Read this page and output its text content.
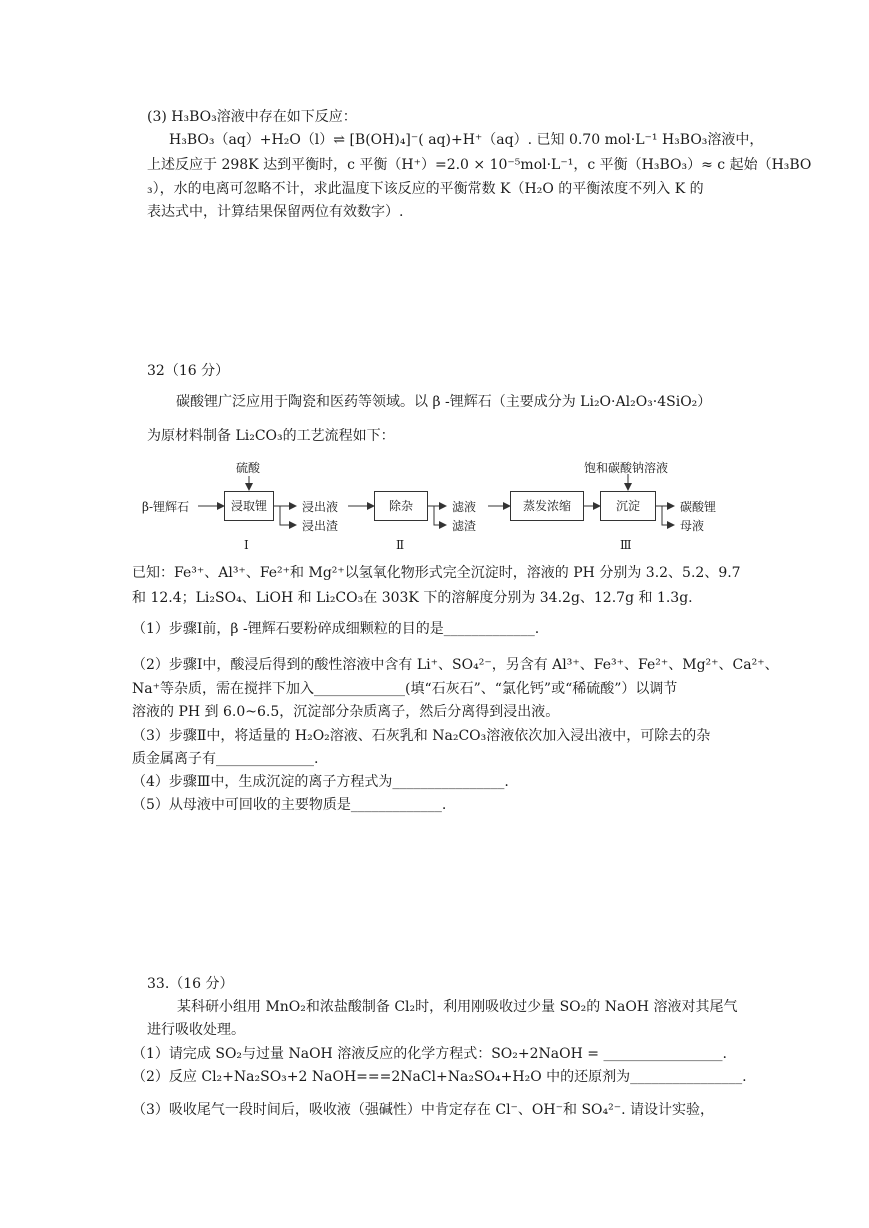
(3) H₃BO₃溶液中存在如下反应：
H₃BO₃（aq）+H₂O（l）⇌ [B(OH)₄]⁻( aq)+H⁺（aq）. 已知 0.70 mol·L⁻¹ H₃BO₃溶液中，
上述反应于 298K 达到平衡时，c 平衡（H⁺）=2.0 × 10⁻⁵mol·L⁻¹，c 平衡（H₃BO₃）≈ c 起始（H₃BO
₃），水的电离可忽略不计，求此温度下该反应的平衡常数 K（H₂O 的平衡浓度不列入 K 的
表达式中，计算结果保留两位有效数字）.
32（16 分）
碳酸锂广泛应用于陶瓷和医药等领域。以 β -锂辉石（主要成分为 Li₂O·Al₂O₃·4SiO₂）
为原材料制备 Li₂CO₃的工艺流程如下：
β-锂辉石
硫酸
浸取锂	浸出液
浸出渣
除杂	滤液
滤渣
蒸发浓缩
饱和碳酸钠溶液
沉淀	碳酸锂
母液
Ⅰ	Ⅱ	Ⅲ
已知：Fe³⁺、Al³⁺、Fe²⁺和 Mg²⁺以氢氧化物形式完全沉淀时，溶液的 PH 分别为 3.2、5.2、9.7
和 12.4；Li₂SO₄、LiOH 和 Li₂CO₃在 303K 下的溶解度分别为 34.2g、12.7g 和 1.3g.
（1）步骤Ⅰ前，β -锂辉石要粉碎成细颗粒的目的是_____________.
（2）步骤Ⅰ中，酸浸后得到的酸性溶液中含有 Li⁺、SO₄²⁻，另含有 Al³⁺、Fe³⁺、Fe²⁺、Mg²⁺、Ca²⁺、
Na⁺等杂质，需在搅拌下加入_____________(填“石灰石”、“氯化钙”或“稀硫酸”）以调节
溶液的 PH 到 6.0~6.5，沉淀部分杂质离子，然后分离得到浸出液。
（3）步骤Ⅱ中，将适量的 H₂O₂溶液、石灰乳和 Na₂CO₃溶液依次加入浸出液中，可除去的杂
质金属离子有______________.
（4）步骤Ⅲ中，生成沉淀的离子方程式为________________.
（5）从母液中可回收的主要物质是_____________.
33.（16 分）
某科研小组用 MnO₂和浓盐酸制备 Cl₂时，利用刚吸收过少量 SO₂的 NaOH 溶液对其尾气
进行吸收处理。
（1）请完成 SO₂与过量 NaOH 溶液反应的化学方程式：SO₂+2NaOH = _________________.
（2）反应 Cl₂+Na₂SO₃+2 NaOH===2NaCl+Na₂SO₄+H₂O 中的还原剂为________________.
（3）吸收尾气一段时间后，吸收液（强碱性）中肯定存在 Cl⁻、OH⁻和 SO₄²⁻. 请设计实验，
